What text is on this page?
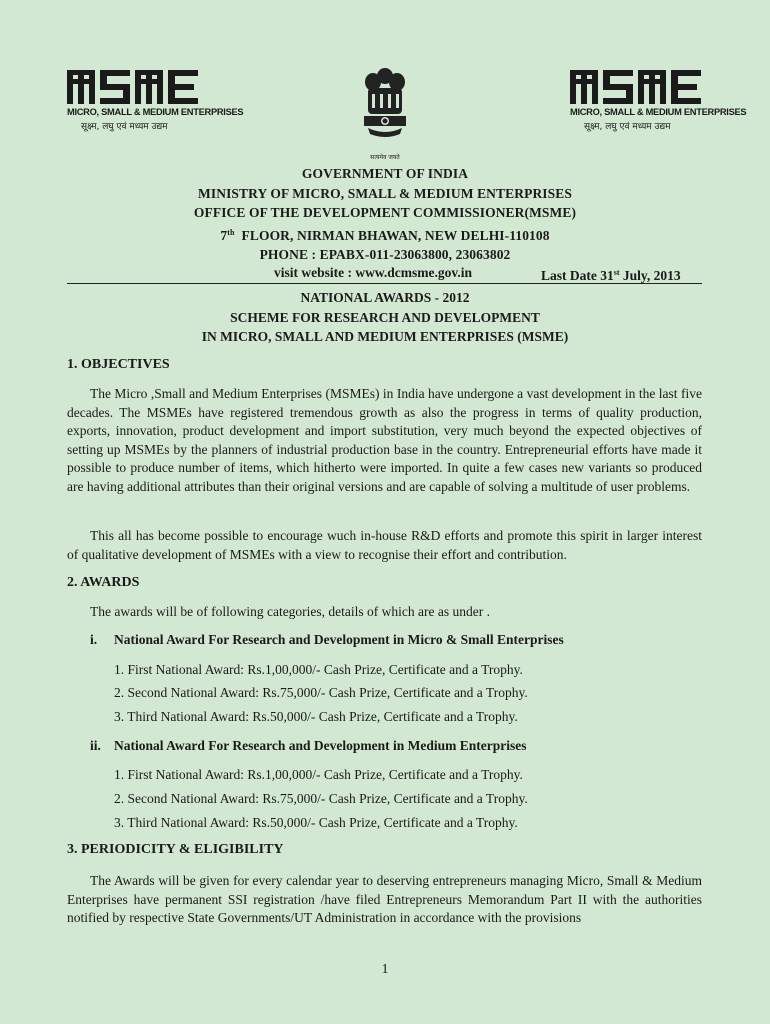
MICRO, SMALL & MEDIUM ENTERPRISES
सूक्ष्म, लघु एवं मध्यम उद्यम
सत्यमेव जयते
MICRO, SMALL & MEDIUM ENTERPRISES
सूक्ष्म, लघु एवं मध्यम उद्यम
GOVERNMENT OF INDIA
MINISTRY OF MICRO, SMALL & MEDIUM ENTERPRISES
OFFICE OF THE DEVELOPMENT COMMISSIONER(MSME)
7th  FLOOR, NIRMAN BHAWAN, NEW DELHI-110108
PHONE : EPABX-011-23063800, 23063802
visit website : www.dcmsme.gov.in	Last Date 31st July, 2013
NATIONAL AWARDS - 2012
SCHEME FOR RESEARCH AND DEVELOPMENT
IN MICRO, SMALL AND MEDIUM ENTERPRISES (MSME)
1. OBJECTIVES
The Micro ,Small and Medium Enterprises (MSMEs) in India have undergone a vast development in the last five decades. The MSMEs have registered tremendous growth as also the progress in terms of quality production, exports, innovation, product development and import substitution, very much beyond the expected objectives of setting up MSMEs by the planners of industrial production base in the country. Entrepreneurial efforts have made it possible to produce number of items, which hitherto were imported. In quite a few cases new variants so produced are having additional attributes than their original versions and are capable of solving a multitude of user problems.
This all has become possible to encourage wuch in-house R&D efforts and promote this spirit in larger interest of qualitative development of MSMEs with a view to recognise their effort and contribution.
2. AWARDS
The awards will be of following categories, details of which are as under .
i. National Award For Research and Development in Micro & Small Enterprises
1. First National Award: Rs.1,00,000/- Cash Prize, Certificate and a Trophy.
2. Second National Award: Rs.75,000/- Cash Prize, Certificate and a Trophy.
3. Third National Award: Rs.50,000/- Cash Prize, Certificate and a Trophy.
ii. National Award For Research and Development in Medium Enterprises
1. First National Award: Rs.1,00,000/- Cash Prize, Certificate and a Trophy.
2. Second National Award: Rs.75,000/- Cash Prize, Certificate and a Trophy.
3. Third National Award: Rs.50,000/- Cash Prize, Certificate and a Trophy.
3. PERIODICITY & ELIGIBILITY
The Awards will be given for every calendar year to deserving entrepreneurs managing Micro, Small & Medium Enterprises have permanent SSI registration /have filed Entrepreneurs Memorandum Part II with the authorities notified by respective State Governments/UT Administration in accordance with the provisions
1
